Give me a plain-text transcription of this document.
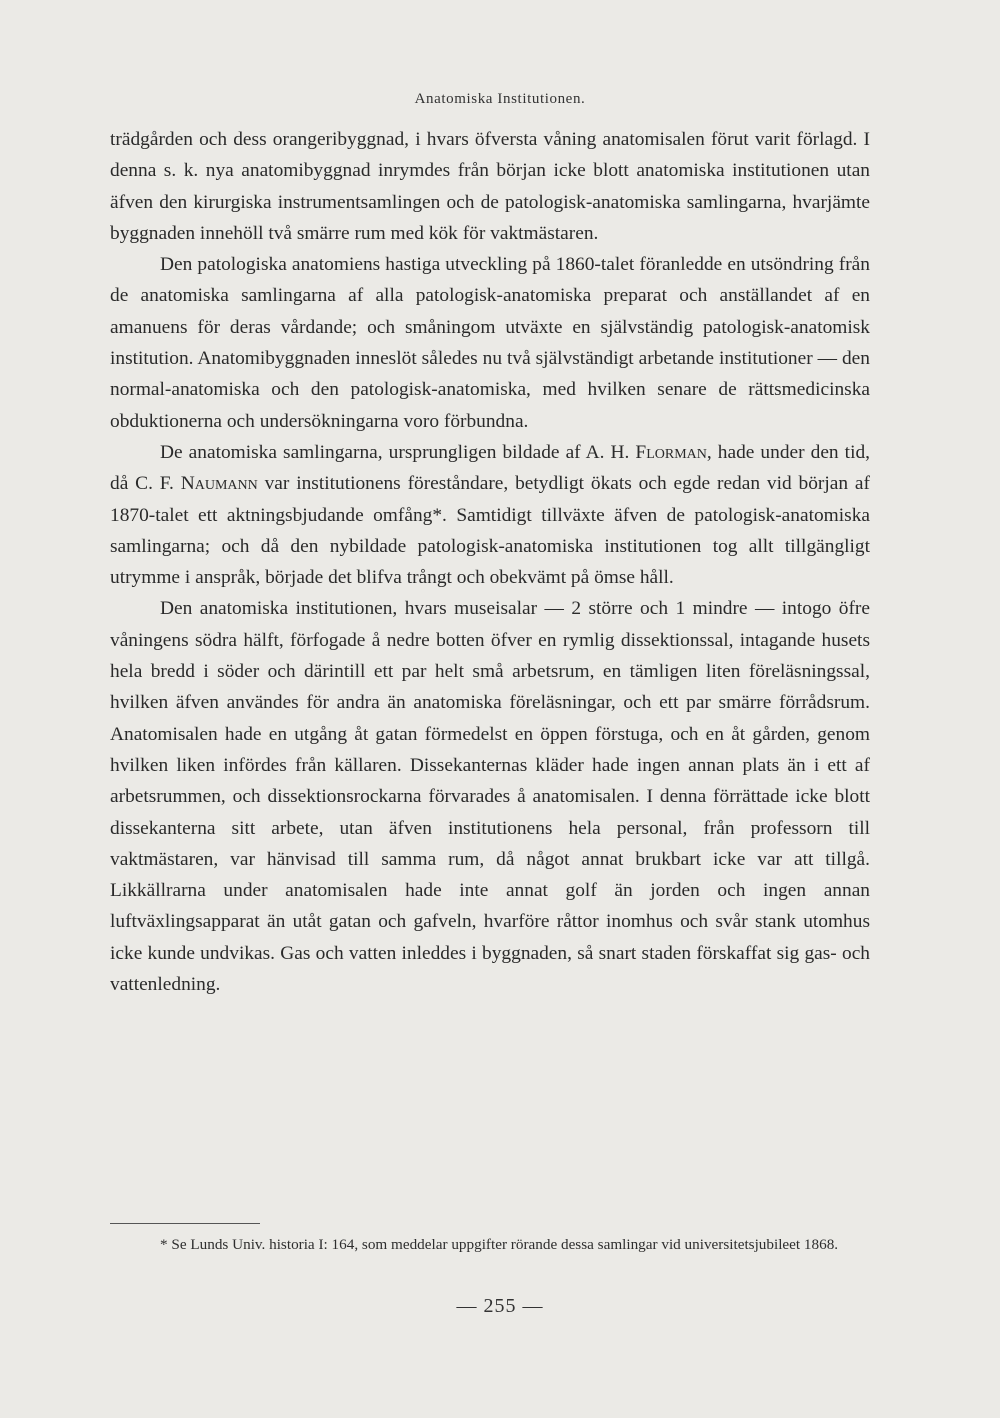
Anatomiska Institutionen.

trädgården och dess orangeribyggnad, i hvars öfversta våning anatomisalen förut varit förlagd. I denna s. k. nya anatomibyggnad inrymdes från början icke blott anatomiska institutionen utan äfven den kirurgiska instrumentsamlingen och de patologisk-anatomiska samlingarna, hvarjämte byggnaden innehöll två smärre rum med kök för vaktmästaren.

Den patologiska anatomiens hastiga utveckling på 1860-talet föranledde en utsöndring från de anatomiska samlingarna af alla patologisk-anatomiska preparat och anställandet af en amanuens för deras vårdande; och småningom utväxte en självständig patologisk-anatomisk institution. Anatomibyggnaden inneslöt således nu två självständigt arbetande institutioner — den normal-anatomiska och den patologisk-anatomiska, med hvilken senare de rättsmedicinska obduktionerna och undersökningarna voro förbundna.

De anatomiska samlingarna, ursprungligen bildade af A. H. Florman, hade under den tid, då C. F. Naumann var institutionens föreståndare, betydligt ökats och egde redan vid början af 1870-talet ett aktningsbjudande omfång*. Samtidigt tillväxte äfven de patologisk-anatomiska samlingarna; och då den nybildade patologisk-anatomiska institutionen tog allt tillgängligt utrymme i anspråk, började det blifva trångt och obekvämt på ömse håll.

Den anatomiska institutionen, hvars museisalar — 2 större och 1 mindre — intogo öfre våningens södra hälft, förfogade å nedre botten öfver en rymlig dissektionssal, intagande husets hela bredd i söder och därintill ett par helt små arbetsrum, en tämligen liten föreläsningssal, hvilken äfven användes för andra än anatomiska föreläsningar, och ett par smärre förrådsrum. Anatomisalen hade en utgång åt gatan förmedelst en öppen förstuga, och en åt gården, genom hvilken liken infördes från källaren. Dissekanternas kläder hade ingen annan plats än i ett af arbetsrummen, och dissektionsrockarna förvarades å anatomisalen. I denna förrättade icke blott dissekanterna sitt arbete, utan äfven institutionens hela personal, från professorn till vaktmästaren, var hänvisad till samma rum, då något annat brukbart icke var att tillgå. Likkällrarna under anatomisalen hade inte annat golf än jorden och ingen annan luftväxlingsapparat än utåt gatan och gafveln, hvarföre råttor inomhus och svår stank utomhus icke kunde undvikas. Gas och vatten inleddes i byggnaden, så snart staden förskaffat sig gas- och vattenledning.

* Se Lunds Univ. historia I: 164, som meddelar uppgifter rörande dessa samlingar vid universitetsjubileet 1868.

— 255 —
